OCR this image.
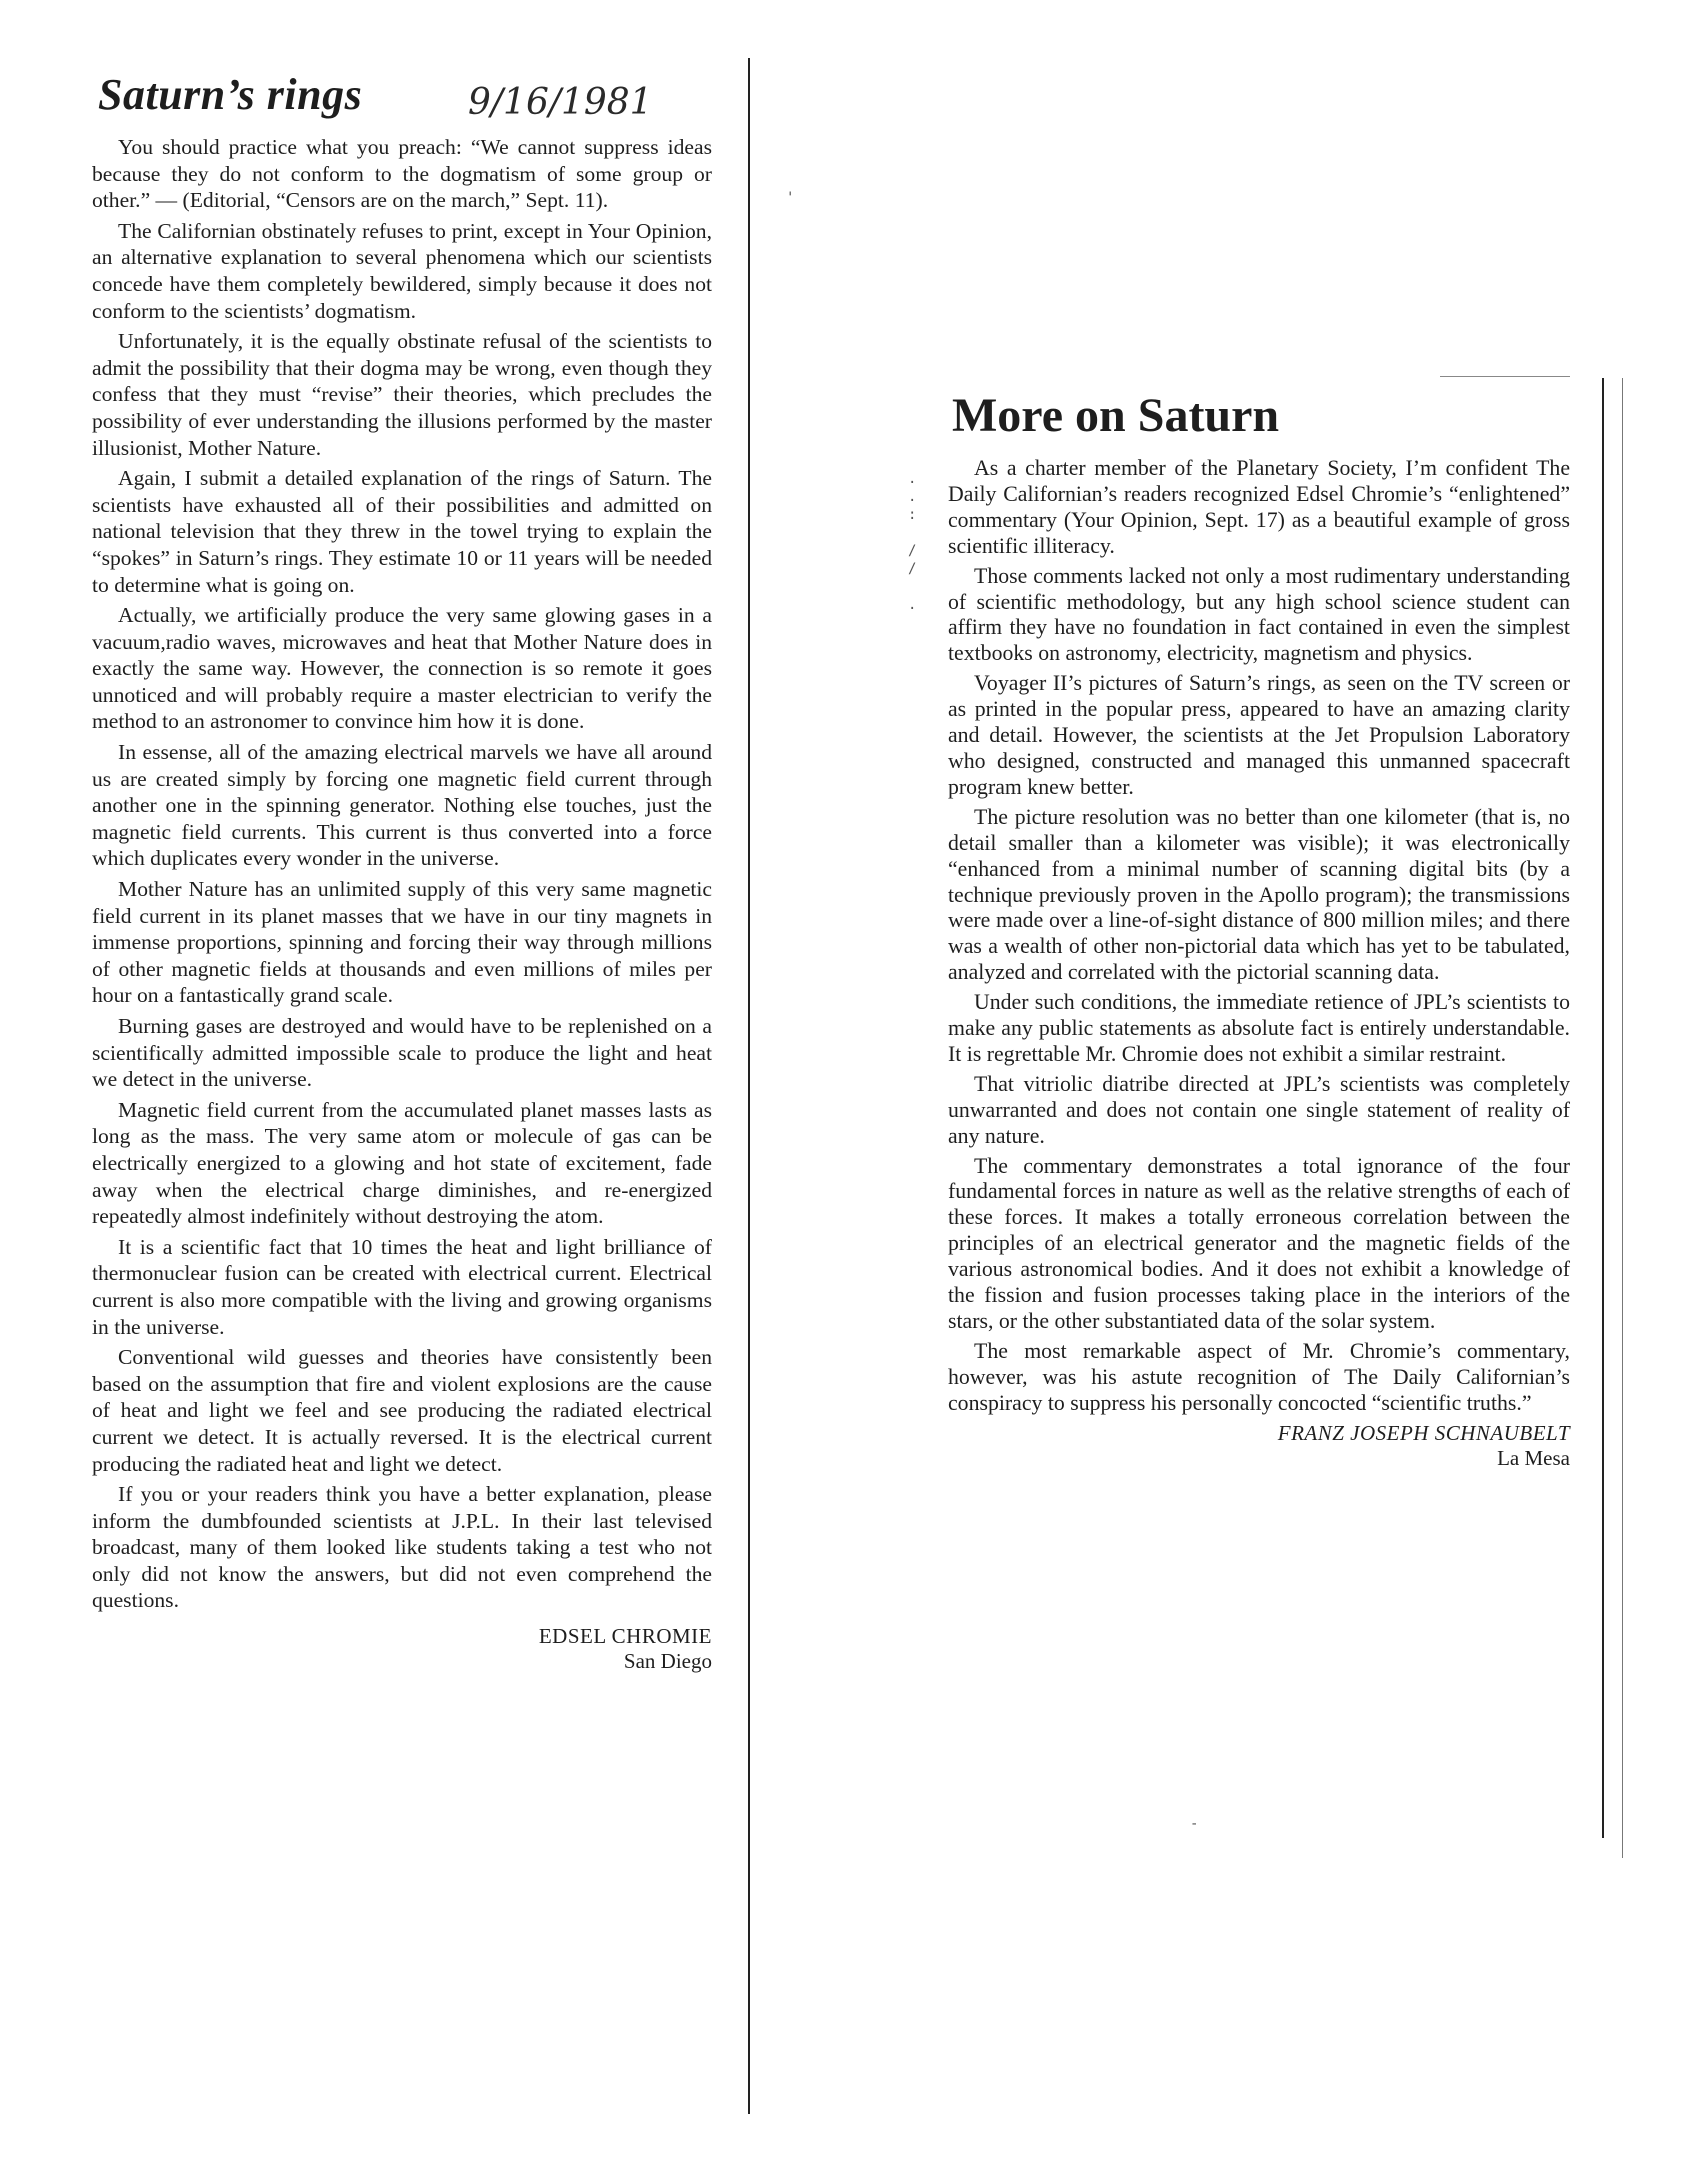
9/16/1981
Saturn’s rings
You should practice what you preach: “We cannot suppress ideas because they do not conform to the dogmatism of some group or other.” — (Editorial, “Censors are on the march,” Sept. 11).
The Californian obstinately refuses to print, except in Your Opinion, an alternative explanation to several phenomena which our scientists concede have them completely bewildered, simply because it does not conform to the scientists’ dogmatism.
Unfortunately, it is the equally obstinate refusal of the scientists to admit the possibility that their dogma may be wrong, even though they confess that they must “revise” their theories, which precludes the possibility of ever understanding the illusions performed by the master illusionist, Mother Nature.
Again, I submit a detailed explanation of the rings of Saturn. The scientists have exhausted all of their possibilities and admitted on national television that they threw in the towel trying to explain the “spokes” in Saturn’s rings. They estimate 10 or 11 years will be needed to determine what is going on.
Actually, we artificially produce the very same glowing gases in a vacuum,radio waves, microwaves and heat that Mother Nature does in exactly the same way. However, the connection is so remote it goes unnoticed and will probably require a master electrician to verify the method to an astronomer to convince him how it is done.
In essense, all of the amazing electrical marvels we have all around us are created simply by forcing one magnetic field current through another one in the spinning generator. Nothing else touches, just the magnetic field currents. This current is thus converted into a force which duplicates every wonder in the universe.
Mother Nature has an unlimited supply of this very same magnetic field current in its planet masses that we have in our tiny magnets in immense proportions, spinning and forcing their way through millions of other magnetic fields at thousands and even millions of miles per hour on a fantastically grand scale.
Burning gases are destroyed and would have to be replenished on a scientifically admitted impossible scale to produce the light and heat we detect in the universe.
Magnetic field current from the accumulated planet masses lasts as long as the mass. The very same atom or molecule of gas can be electrically energized to a glowing and hot state of excitement, fade away when the electrical charge diminishes, and re-energized repeatedly almost indefinitely without destroying the atom.
It is a scientific fact that 10 times the heat and light brilliance of thermonuclear fusion can be created with electrical current. Electrical current is also more compatible with the living and growing organisms in the universe.
Conventional wild guesses and theories have consistently been based on the assumption that fire and violent explosions are the cause of heat and light we feel and see producing the radiated electrical current we detect. It is actually reversed. It is the electrical current producing the radiated heat and light we detect.
If you or your readers think you have a better explanation, please inform the dumbfounded scientists at J.P.L. In their last televised broadcast, many of them looked like students taking a test who not only did not know the answers, but did not even comprehend the questions.
EDSEL CHROMIE
San Diego
More on Saturn
As a charter member of the Planetary Society, I’m confident The Daily Californian’s readers recognized Edsel Chromie’s “enlightened” commentary (Your Opinion, Sept. 17) as a beautiful example of gross scientific illiteracy.
Those comments lacked not only a most rudimentary understanding of scientific methodology, but any high school science student can affirm they have no foundation in fact contained in even the simplest textbooks on astronomy, electricity, magnetism and physics.
Voyager II’s pictures of Saturn’s rings, as seen on the TV screen or as printed in the popular press, appeared to have an amazing clarity and detail. However, the scientists at the Jet Propulsion Laboratory who designed, constructed and managed this unmanned spacecraft program knew better.
The picture resolution was no better than one kilometer (that is, no detail smaller than a kilometer was visible); it was electronically “enhanced from a minimal number of scanning digital bits (by a technique previously proven in the Apollo program); the transmissions were made over a line-of-sight distance of 800 million miles; and there was a wealth of other non-pictorial data which has yet to be tabulated, analyzed and correlated with the pictorial scanning data.
Under such conditions, the immediate retience of JPL’s scientists to make any public statements as absolute fact is entirely understandable. It is regrettable Mr. Chromie does not exhibit a similar restraint.
That vitriolic diatribe directed at JPL’s scientists was completely unwarranted and does not contain one single statement of reality of any nature.
The commentary demonstrates a total ignorance of the four fundamental forces in nature as well as the relative strengths of each of these forces. It makes a totally erroneous correlation between the principles of an electrical generator and the magnetic fields of the various astronomical bodies. And it does not exhibit a knowledge of the fission and fusion processes taking place in the interiors of the stars, or the other substantiated data of the solar system.
The most remarkable aspect of Mr. Chromie’s commentary, however, was his astute recognition of The Daily Californian’s conspiracy to suppress his personally concocted “scientific truths.”
FRANZ JOSEPH SCHNAUBELT
La Mesa
.
.
:

/
/

.
'
-
